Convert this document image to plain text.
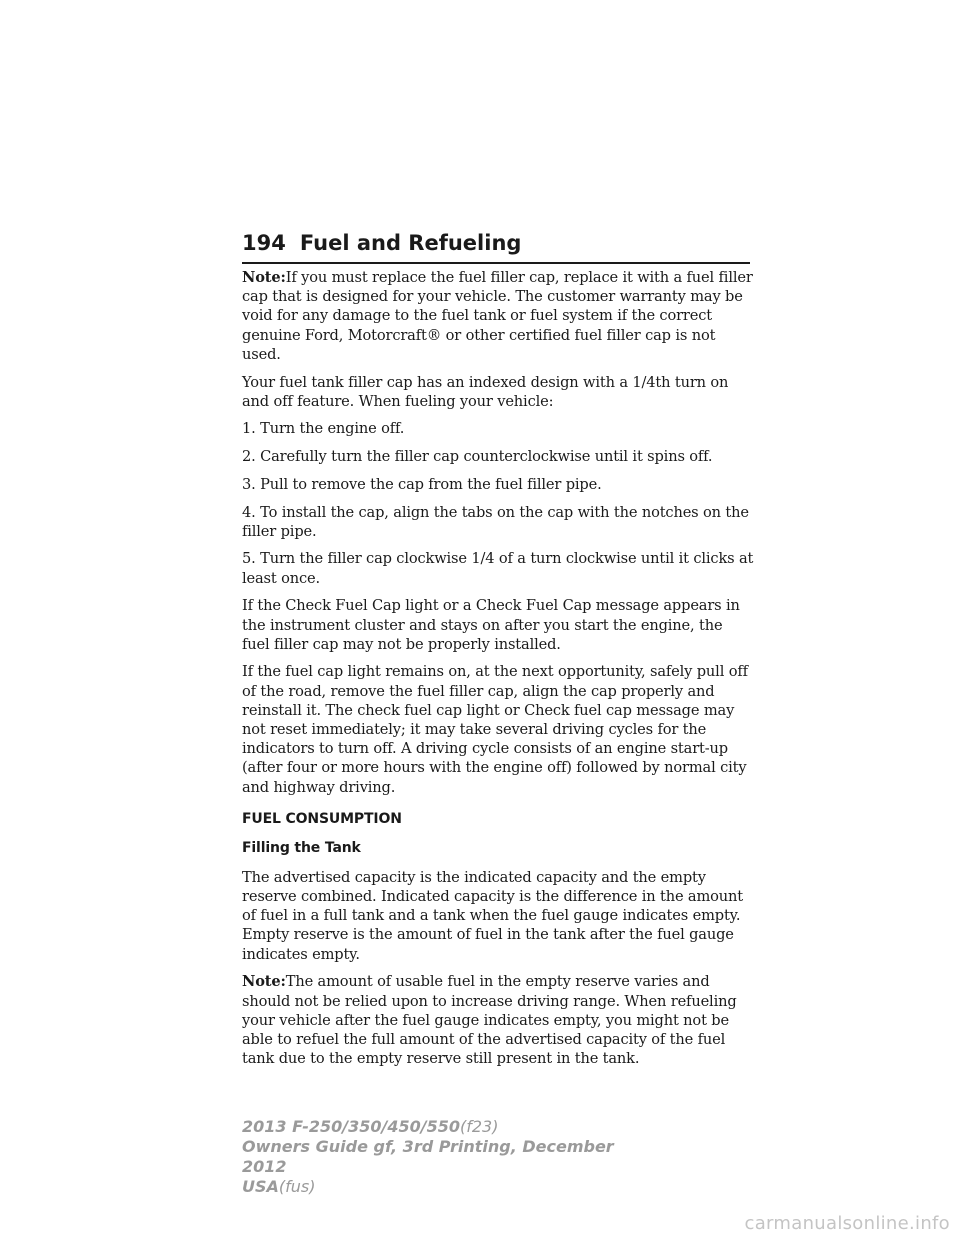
194 Fuel and Refueling

Note:If you must replace the fuel filler cap, replace it with a fuel filler cap that is designed for your vehicle. The customer warranty may be void for any damage to the fuel tank or fuel system if the correct genuine Ford, Motorcraft® or other certified fuel filler cap is not used.

Your fuel tank filler cap has an indexed design with a 1/4th turn on and off feature. When fueling your vehicle:

1. Turn the engine off.

2. Carefully turn the filler cap counterclockwise until it spins off.

3. Pull to remove the cap from the fuel filler pipe.

4. To install the cap, align the tabs on the cap with the notches on the filler pipe.

5. Turn the filler cap clockwise 1/4 of a turn clockwise until it clicks at least once.

If the Check Fuel Cap light or a Check Fuel Cap message appears in the instrument cluster and stays on after you start the engine, the fuel filler cap may not be properly installed.

If the fuel cap light remains on, at the next opportunity, safely pull off of the road, remove the fuel filler cap, align the cap properly and reinstall it. The check fuel cap light or Check fuel cap message may not reset immediately; it may take several driving cycles for the indicators to turn off. A driving cycle consists of an engine start-up (after four or more hours with the engine off) followed by normal city and highway driving.

FUEL CONSUMPTION
Filling the Tank

The advertised capacity is the indicated capacity and the empty reserve combined. Indicated capacity is the difference in the amount of fuel in a full tank and a tank when the fuel gauge indicates empty. Empty reserve is the amount of fuel in the tank after the fuel gauge indicates empty.

Note:The amount of usable fuel in the empty reserve varies and should not be relied upon to increase driving range. When refueling your vehicle after the fuel gauge indicates empty, you might not be able to refuel the full amount of the advertised capacity of the fuel tank due to the empty reserve still present in the tank.

2013 F-250/350/450/550(f23)
Owners Guide gf, 3rd Printing, December 2012
USA(fus)
carmanualsonline.info
